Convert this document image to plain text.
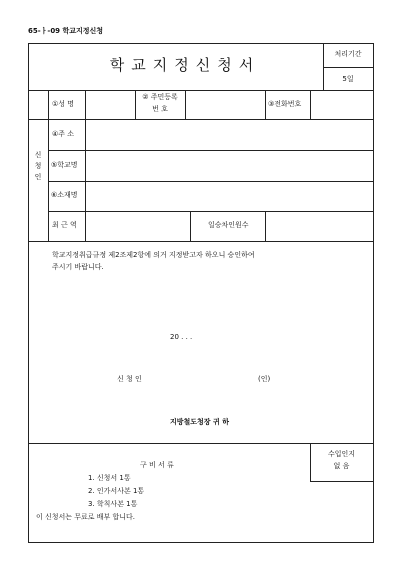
65-ㅏ-09 학교지정신청
학교지정신청서
처리기간
5일
신
청
인
①성 명
② 주민등록
번 호
③전화번호
④주 소
⑤학교명
⑥소재명
최 근 역	일승차인원수
학교지정취급규정 제2조제2항에 의거 지정받고자 하오니 승인하여
주시기 바랍니다.
20 . . .
신 청 인	(인)
지방철도청장 귀 하
구 비 서 류
1. 신청서 1통
2. 인가서사본 1통
3. 학칙사본 1통
이 신청서는 무료로 배부 합니다.
수입인지
없 음
